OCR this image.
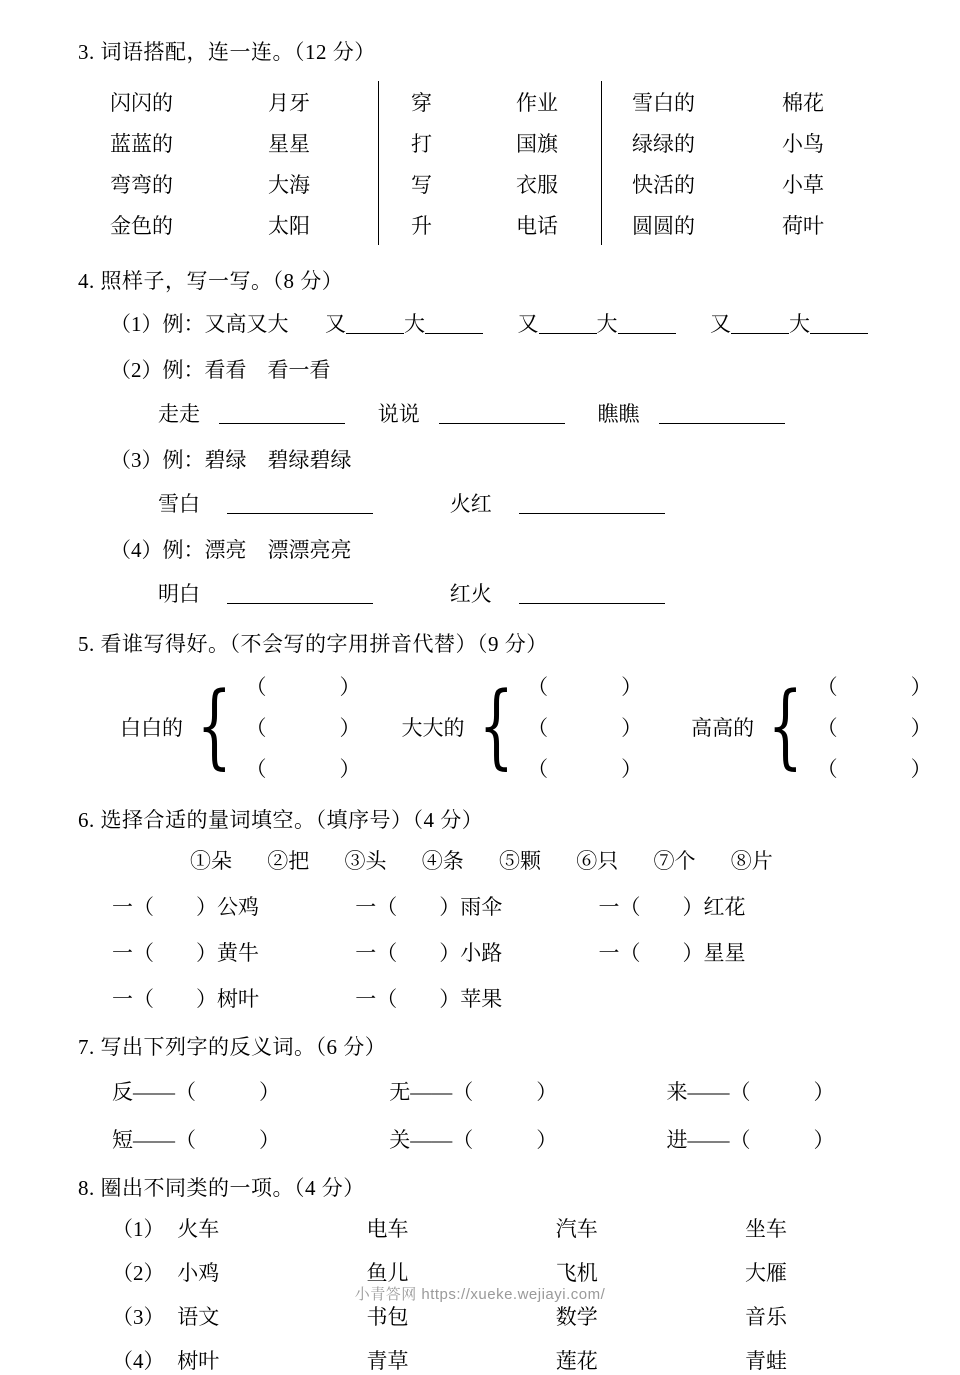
3. 词语搭配，连一连。（12 分）
闪闪的	月牙
蓝蓝的	星星
弯弯的	大海
金色的	太阳
穿	作业
打	国旗
写	衣服
升	电话
雪白的	棉花
绿绿的	小鸟
快活的	小草
圆圆的	荷叶
4. 照样子，写一写。（8 分）
（1）例：又高又大 又	大	又	大	又	大
（2）例：看看　看一看
走走	说说	瞧瞧
（3）例：碧绿　碧绿碧绿
雪白	火红
（4）例：漂亮　漂漂亮亮
明白	红火
5. 看谁写得好。（不会写的字用拼音代替）（9 分）
白白的 { （	）
（	）
（	）
大大的 { （	）
（	）
（	）
高高的 { （	）
（	）
（	）
6. 选择合适的量词填空。（填序号）（4 分）
①朵 ②把 ③头 ④条 ⑤颗 ⑥只 ⑦个 ⑧片
一（　　）公鸡	一（　　）雨伞	一（　　）红花
一（　　）黄牛	一（　　）小路	一（　　）星星
一（　　）树叶	一（　　）苹果
7. 写出下列字的反义词。（6 分）
反——（　　　）	无——（　　　）	来——（　　　）
短——（　　　）	关——（　　　）	进——（　　　）
8. 圈出不同类的一项。（4 分）
（1） 火车	电车	汽车	坐车
（2） 小鸡	鱼儿	飞机	大雁
（3） 语文	书包	数学	音乐
（4） 树叶	青草	莲花	青蛙
小青答网 https://xueke.wejiayi.com/
